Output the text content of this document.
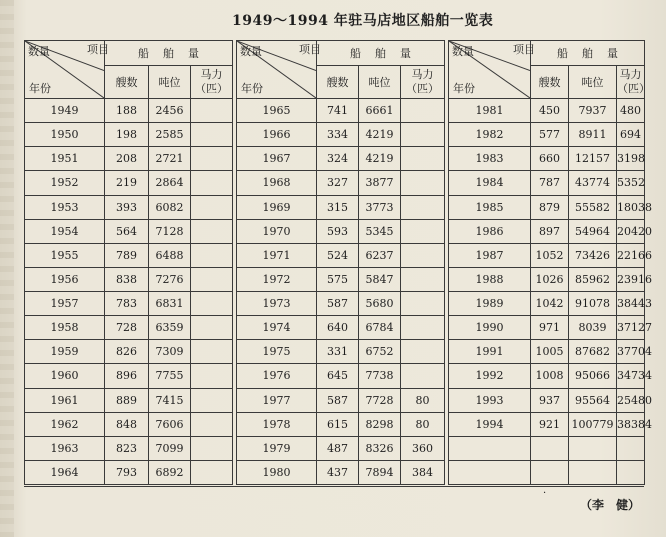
1949～1994 年驻马店地区船舶一览表
数量 项目
年份	船舶量				数量 项目
年份	船舶量				数量 项目
年份	船舶量		
	艘数	吨位	马力（匹）			艘数	吨位	马力（匹）			艘数	吨位	马力（匹）
1949	188	2456			1965	741	6661			1981	450	7937	480
1950	198	2585			1966	334	4219			1982	577	8911	694
1951	208	2721			1967	324	4219			1983	660	12157	3198
1952	219	2864			1968	327	3877			1984	787	43774	5352
1953	393	6082			1969	315	3773			1985	879	55582	18038
1954	564	7128			1970	593	5345			1986	897	54964	20420
1955	789	6488			1971	524	6237			1987	1052	73426	22166
1956	838	7276			1972	575	5847			1988	1026	85962	23916
1957	783	6831			1973	587	5680			1989	1042	91078	38443
1958	728	6359			1974	640	6784			1990	971	8039	37127
1959	826	7309			1975	331	6752			1991	1005	87682	37704
1960	896	7755			1976	645	7738			1992	1008	95066	34734
1961	889	7415			1977	587	7728	80		1993	937	95564	25480
1962	848	7606			1978	615	8298	80		1994	921	100779	38384
1963	823	7099			1979	487	8326	360					
1964	793	6892			1980	437	7894	384					
·
（李　健）
